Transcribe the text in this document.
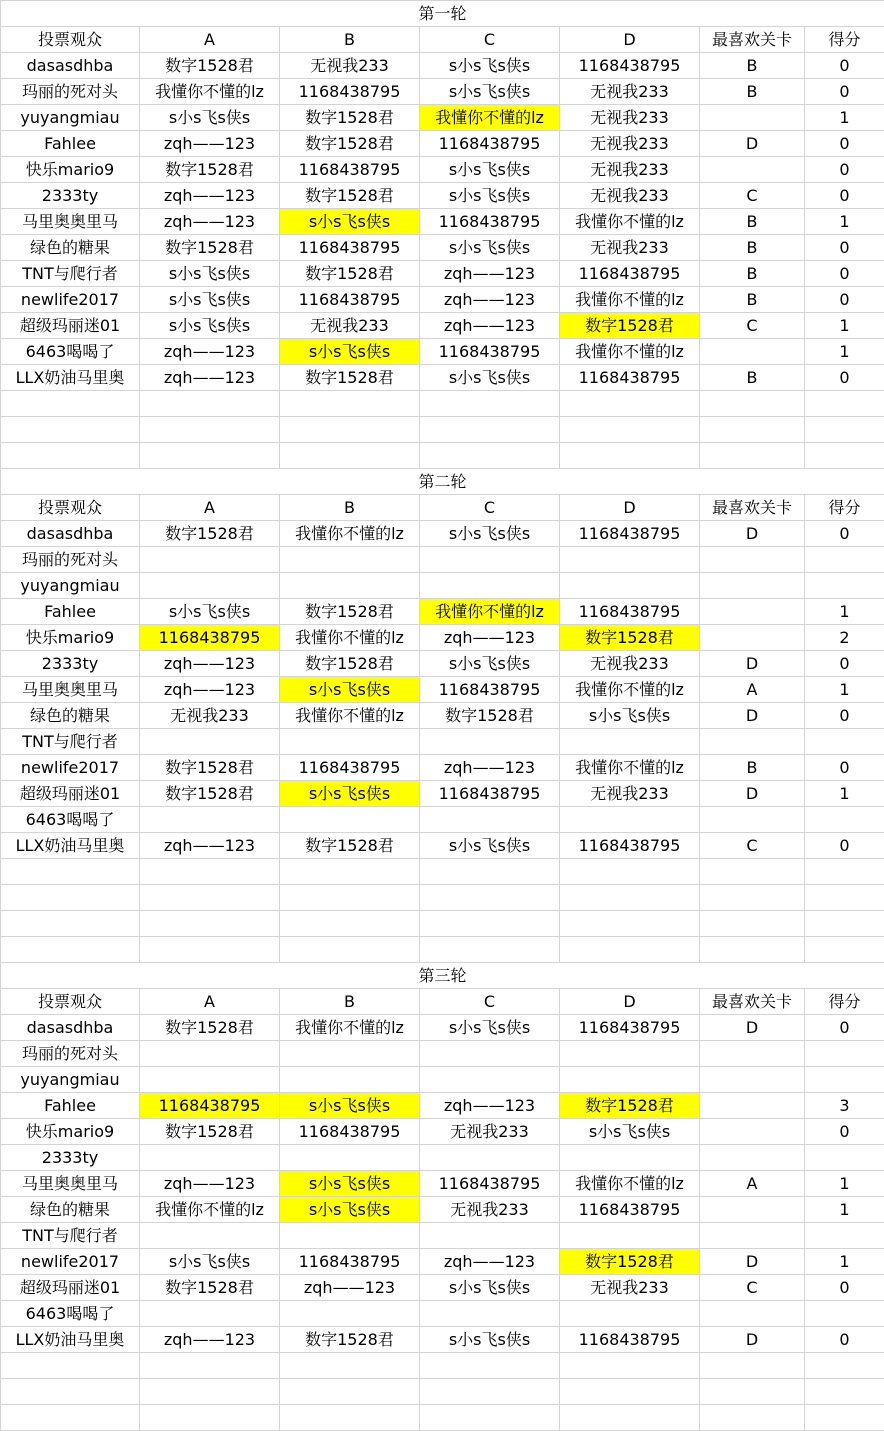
第一轮						
投票观众	A	B	C	D	最喜欢关卡	得分
dasasdhba	数字1528君	无视我233	s小s飞s侠s	1168438795	B	0
玛丽的死对头	我懂你不懂的lz	1168438795	s小s飞s侠s	无视我233	B	0
yuyangmiau	s小s飞s侠s	数字1528君	我懂你不懂的lz	无视我233		1
Fahlee	zqh——123	数字1528君	1168438795	无视我233	D	0
快乐mario9	数字1528君	1168438795	s小s飞s侠s	无视我233		0
2333ty	zqh——123	数字1528君	s小s飞s侠s	无视我233	C	0
马里奥奥里马	zqh——123	s小s飞s侠s	1168438795	我懂你不懂的lz	B	1
绿色的糖果	数字1528君	1168438795	s小s飞s侠s	无视我233	B	0
TNT与爬行者	s小s飞s侠s	数字1528君	zqh——123	1168438795	B	0
newlife2017	s小s飞s侠s	1168438795	zqh——123	我懂你不懂的lz	B	0
超级玛丽迷01	s小s飞s侠s	无视我233	zqh——123	数字1528君	C	1
6463喝喝了	zqh——123	s小s飞s侠s	1168438795	我懂你不懂的lz		1
LLX奶油马里奥	zqh——123	数字1528君	s小s飞s侠s	1168438795	B	0

第二轮						
投票观众	A	B	C	D	最喜欢关卡	得分
dasasdhba	数字1528君	我懂你不懂的lz	s小s飞s侠s	1168438795	D	0
玛丽的死对头						
yuyangmiau						
Fahlee	s小s飞s侠s	数字1528君	我懂你不懂的lz	1168438795		1
快乐mario9	1168438795	我懂你不懂的lz	zqh——123	数字1528君		2
2333ty	zqh——123	数字1528君	s小s飞s侠s	无视我233	D	0
马里奥奥里马	zqh——123	s小s飞s侠s	1168438795	我懂你不懂的lz	A	1
绿色的糖果	无视我233	我懂你不懂的lz	数字1528君	s小s飞s侠s	D	0
TNT与爬行者						
newlife2017	数字1528君	1168438795	zqh——123	我懂你不懂的lz	B	0
超级玛丽迷01	数字1528君	s小s飞s侠s	1168438795	无视我233	D	1
6463喝喝了						
LLX奶油马里奥	zqh——123	数字1528君	s小s飞s侠s	1168438795	C	0

第三轮						
投票观众	A	B	C	D	最喜欢关卡	得分
dasasdhba	数字1528君	我懂你不懂的lz	s小s飞s侠s	1168438795	D	0
玛丽的死对头						
yuyangmiau						
Fahlee	1168438795	s小s飞s侠s	zqh——123	数字1528君		3
快乐mario9	数字1528君	1168438795	无视我233	s小s飞s侠s		0
2333ty						
马里奥奥里马	zqh——123	s小s飞s侠s	1168438795	我懂你不懂的lz	A	1
绿色的糖果	我懂你不懂的lz	s小s飞s侠s	无视我233	1168438795		1
TNT与爬行者						
newlife2017	s小s飞s侠s	1168438795	zqh——123	数字1528君	D	1
超级玛丽迷01	数字1528君	zqh——123	s小s飞s侠s	无视我233	C	0
6463喝喝了						
LLX奶油马里奥	zqh——123	数字1528君	s小s飞s侠s	1168438795	D	0
